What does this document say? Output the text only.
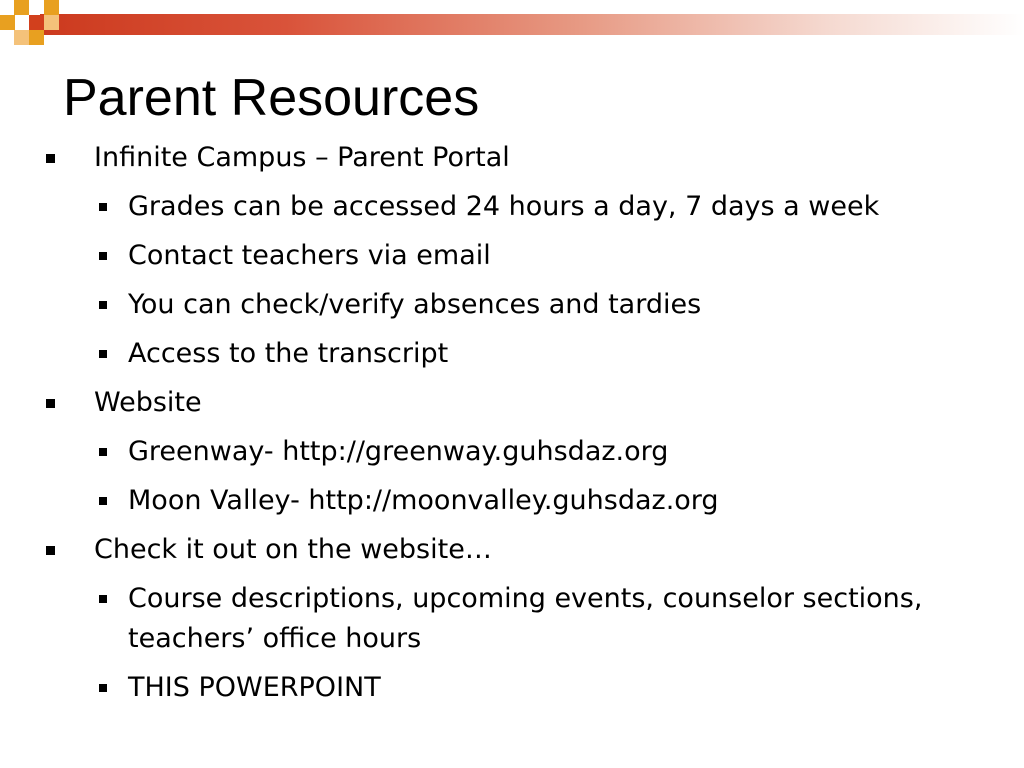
Parent Resources
Infinite Campus – Parent Portal
Grades can be accessed 24 hours a day, 7 days a week
Contact teachers via email
You can check/verify absences and tardies
Access to the transcript
Website
Greenway- http://greenway.guhsdaz.org
Moon Valley- http://moonvalley.guhsdaz.org
Check it out on the website…
Course descriptions, upcoming events, counselor sections, teachers’ office hours
THIS POWERPOINT
